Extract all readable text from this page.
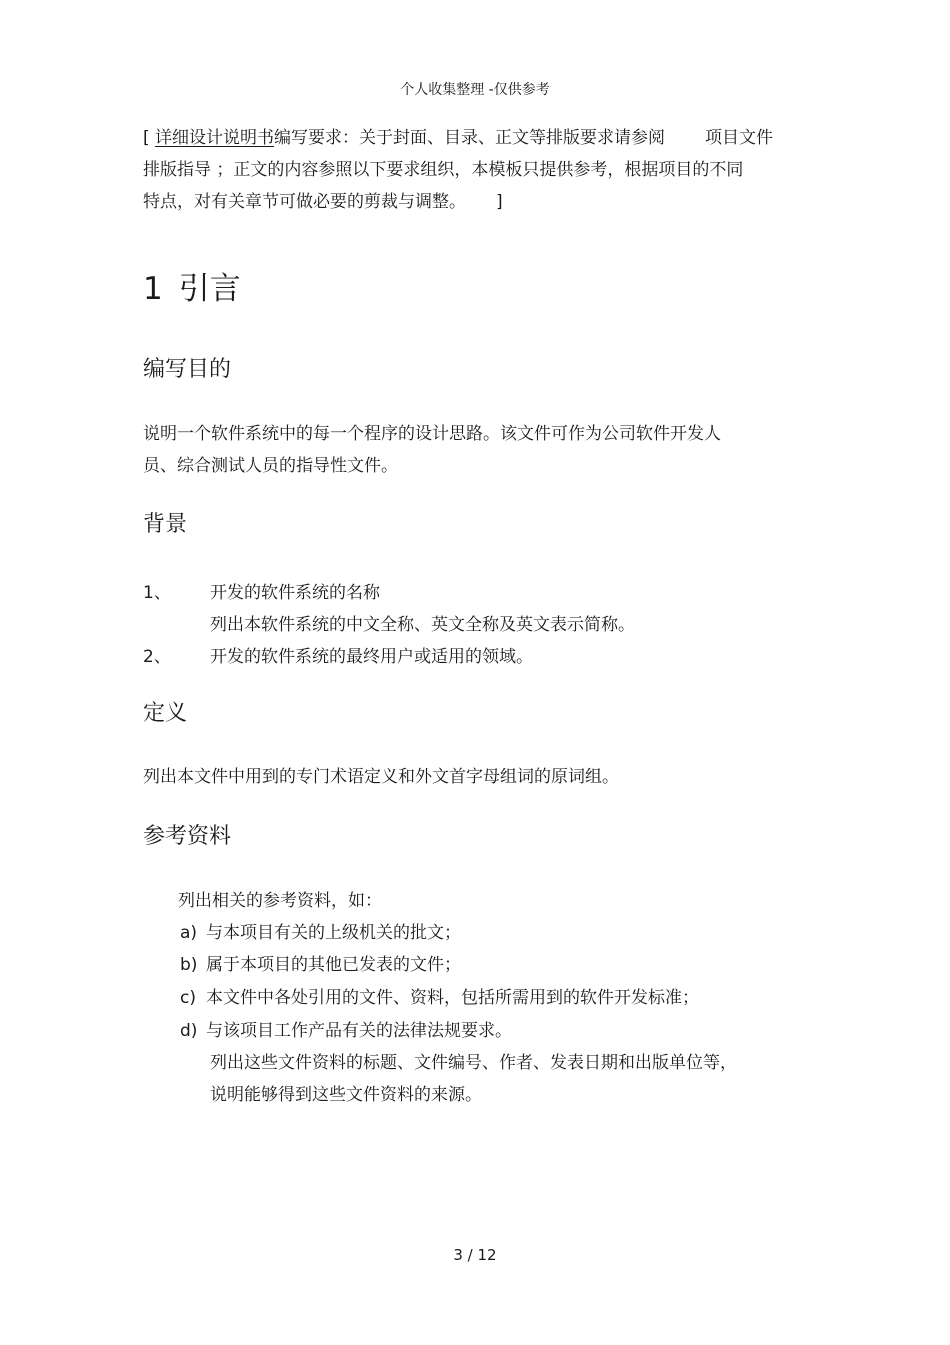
个人收集整理 -仅供参考
[ 详细设计说明书编写要求：关于封面、目录、正文等排版要求请参阅 项目文件
排版指导 ；正文的内容参照以下要求组织，本模板只提供参考，根据项目的不同
特点，对有关章节可做必要的剪裁与调整。 ]
1 引言
编写目的
说明一个软件系统中的每一个程序的设计思路。该文件可作为公司软件开发人
员、综合测试人员的指导性文件。
背景
1、 开发的软件系统的名称
列出本软件系统的中文全称、英文全称及英文表示简称。
2、 开发的软件系统的最终用户或适用的领域。
定义
列出本文件中用到的专门术语定义和外文首字母组词的原词组。
参考资料
列出相关的参考资料，如：
a) 与本项目有关的上级机关的批文；
b) 属于本项目的其他已发表的文件；
c) 本文件中各处引用的文件、资料，包括所需用到的软件开发标准；
d) 与该项目工作产品有关的法律法规要求。
列出这些文件资料的标题、文件编号、作者、发表日期和出版单位等，
说明能够得到这些文件资料的来源。
3 / 12
